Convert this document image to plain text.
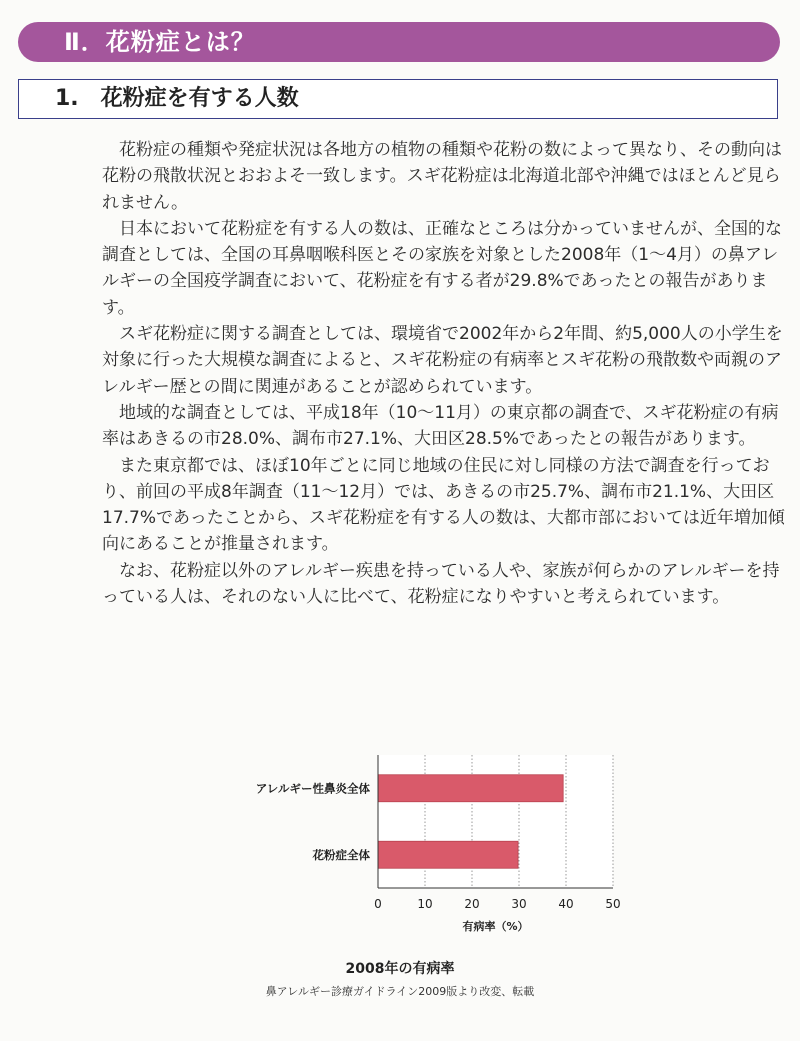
Ⅱ．花粉症とは？
1.　花粉症を有する人数

花粉症の種類や発症状況は各地方の植物の種類や花粉の数によって異なり、その動向は花粉の飛散状況とおおよそ一致します。スギ花粉症は北海道北部や沖縄ではほとんど見られません。

日本において花粉症を有する人の数は、正確なところは分かっていませんが、全国的な調査としては、全国の耳鼻咽喉科医とその家族を対象とした2008年（1～4月）の鼻アレルギーの全国疫学調査において、花粉症を有する者が29.8%であったとの報告があります。

スギ花粉症に関する調査としては、環境省で2002年から2年間、約5,000人の小学生を対象に行った大規模な調査によると、スギ花粉症の有病率とスギ花粉の飛散数や両親のアレルギー歴との間に関連があることが認められています。

地域的な調査としては、平成18年（10～11月）の東京都の調査で、スギ花粉症の有病率はあきるの市28.0%、調布市27.1%、大田区28.5%であったとの報告があります。

また東京都では、ほぼ10年ごとに同じ地域の住民に対し同様の方法で調査を行っており、前回の平成8年調査（11～12月）では、あきるの市25.7%、調布市21.1%、大田区17.7%であったことから、スギ花粉症を有する人の数は、大都市部においては近年増加傾向にあることが推量されます。

なお、花粉症以外のアレルギー疾患を持っている人や、家族が何らかのアレルギーを持っている人は、それのない人に比べて、花粉症になりやすいと考えられています。

0	10	20	30	40	50
アレルギー性鼻炎全体
花粉症全体
有病率（%）
2008年の有病率
鼻アレルギー診療ガイドライン2009版より改変、転載
